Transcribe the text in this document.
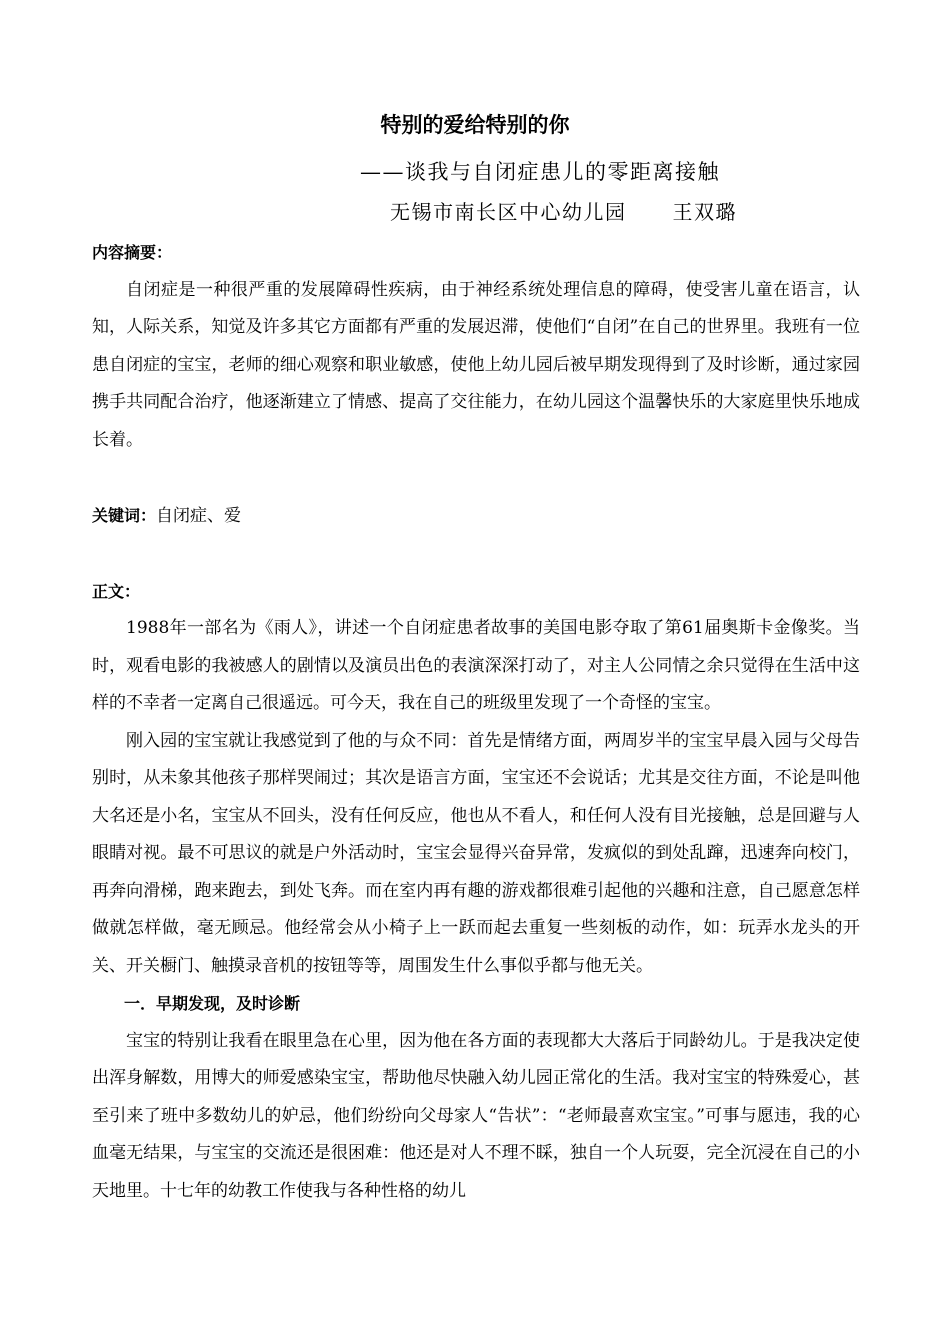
特别的爱给特别的你
——谈我与自闭症患儿的零距离接触
无锡市南长区中心幼儿园 王双璐
内容摘要：

自闭症是一种很严重的发展障碍性疾病，由于神经系统处理信息的障碍，使受害儿童在语言，认知，人际关系，知觉及许多其它方面都有严重的发展迟滞，使他们“自闭”在自己的世界里。我班有一位患自闭症的宝宝，老师的细心观察和职业敏感，使他上幼儿园后被早期发现得到了及时诊断，通过家园携手共同配合治疗，他逐渐建立了情感、提高了交往能力，在幼儿园这个温馨快乐的大家庭里快乐地成长着。

关键词：自闭症、爱
正文：

1988年一部名为《雨人》，讲述一个自闭症患者故事的美国电影夺取了第61届奥斯卡金像奖。当时，观看电影的我被感人的剧情以及演员出色的表演深深打动了，对主人公同情之余只觉得在生活中这样的不幸者一定离自己很遥远。可今天，我在自己的班级里发现了一个奇怪的宝宝。

刚入园的宝宝就让我感觉到了他的与众不同：首先是情绪方面，两周岁半的宝宝早晨入园与父母告别时，从未象其他孩子那样哭闹过；其次是语言方面，宝宝还不会说话；尤其是交往方面，不论是叫他大名还是小名，宝宝从不回头，没有任何反应，他也从不看人，和任何人没有目光接触，总是回避与人眼睛对视。最不可思议的就是户外活动时，宝宝会显得兴奋异常，发疯似的到处乱蹿，迅速奔向校门，再奔向滑梯，跑来跑去，到处飞奔。而在室内再有趣的游戏都很难引起他的兴趣和注意，自己愿意怎样做就怎样做，毫无顾忌。他经常会从小椅子上一跃而起去重复一些刻板的动作，如：玩弄水龙头的开关、开关橱门、触摸录音机的按钮等等，周围发生什么事似乎都与他无关。

一．早期发现，及时诊断

宝宝的特别让我看在眼里急在心里，因为他在各方面的表现都大大落后于同龄幼儿。于是我决定使出浑身解数，用博大的师爱感染宝宝，帮助他尽快融入幼儿园正常化的生活。我对宝宝的特殊爱心，甚至引来了班中多数幼儿的妒忌，他们纷纷向父母家人“告状”：“老师最喜欢宝宝。”可事与愿违，我的心血毫无结果，与宝宝的交流还是很困难：他还是对人不理不睬，独自一个人玩耍，完全沉浸在自己的小天地里。十七年的幼教工作使我与各种性格的幼儿
